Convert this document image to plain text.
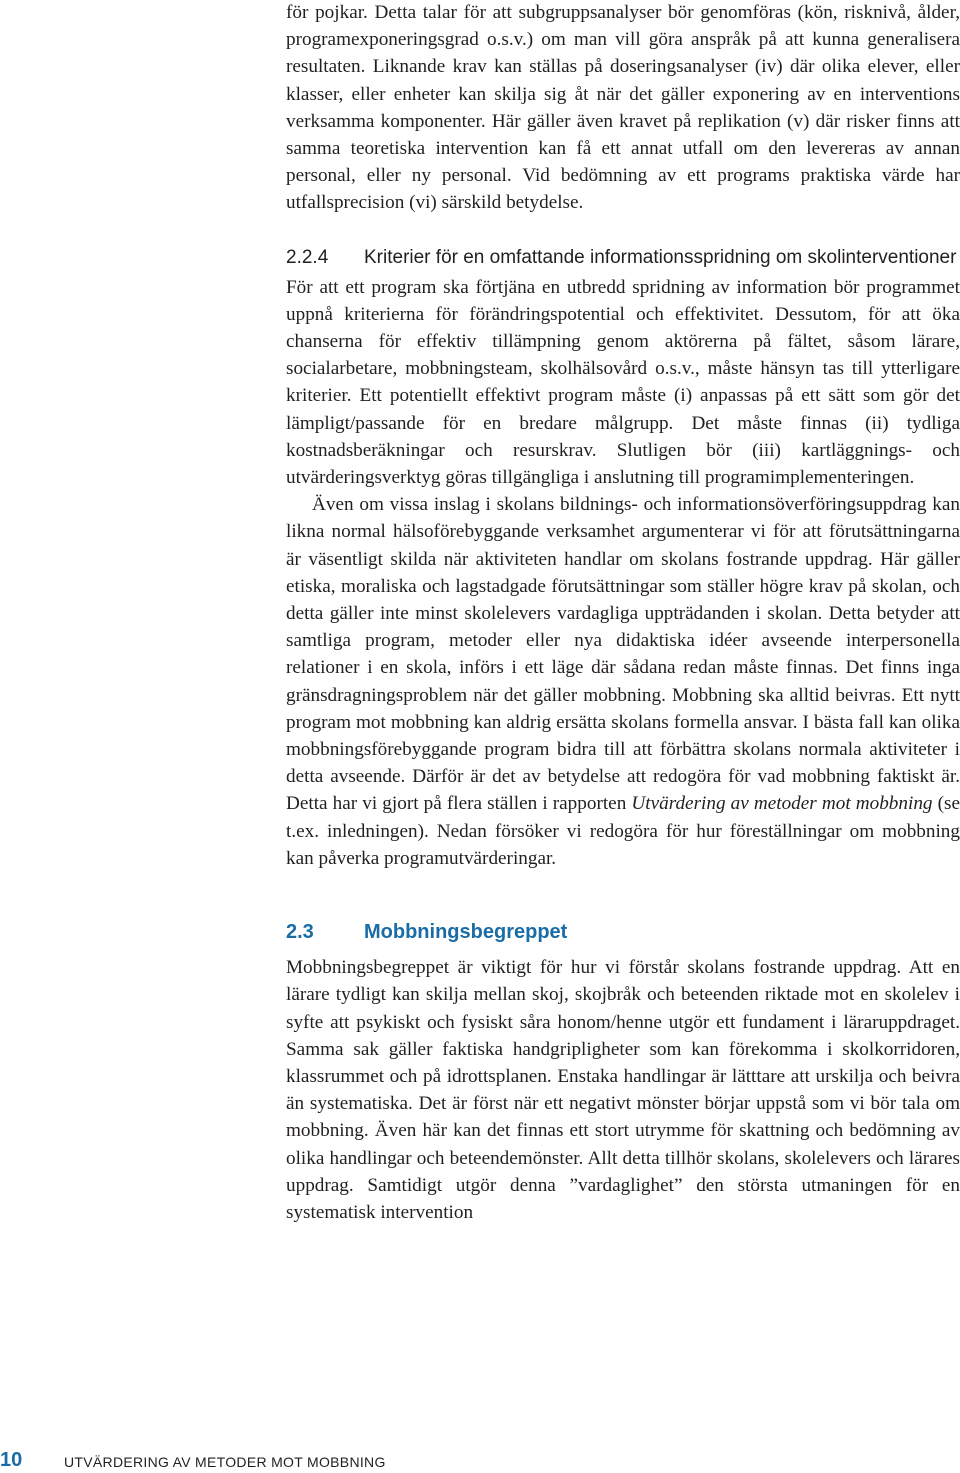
för pojkar. Detta talar för att subgruppsanalyser bör genomföras (kön, risknivå, ålder, programexponeringsgrad o.s.v.) om man vill göra anspråk på att kunna generalisera resultaten. Liknande krav kan ställas på doseringsanalyser (iv) där olika elever, eller klasser, eller enheter kan skilja sig åt när det gäller exponering av en interventions verksamma komponenter. Här gäller även kravet på replikation (v) där risker finns att samma teoretiska intervention kan få ett annat utfall om den levereras av annan personal, eller ny personal. Vid bedömning av ett programs praktiska värde har utfallsprecision (vi) särskild betydelse.

2.2.4	Kriterier för en omfattande informationsspridning om skolinterventioner

För att ett program ska förtjäna en utbredd spridning av information bör programmet uppnå kriterierna för förändringspotential och effektivitet. Dessutom, för att öka chanserna för effektiv tillämpning genom aktörerna på fältet, såsom lärare, socialarbetare, mobbningsteam, skolhälsovård o.s.v., måste hänsyn tas till ytterligare kriterier. Ett potentiellt effektivt program måste (i) anpassas på ett sätt som gör det lämpligt/passande för en bredare målgrupp. Det måste finnas (ii) tydliga kostnadsberäkningar och resurskrav. Slutligen bör (iii) kartläggnings- och utvärderingsverktyg göras tillgängliga i anslutning till programimplementeringen.

Även om vissa inslag i skolans bildnings- och informationsöverföringsuppdrag kan likna normal hälsoförebyggande verksamhet argumenterar vi för att förutsättningarna är väsentligt skilda när aktiviteten handlar om skolans fostrande uppdrag. Här gäller etiska, moraliska och lagstadgade förutsättningar som ställer högre krav på skolan, och detta gäller inte minst skolelevers vardagliga uppträdanden i skolan. Detta betyder att samtliga program, metoder eller nya didaktiska idéer avseende interpersonella relationer i en skola, införs i ett läge där sådana redan måste finnas. Det finns inga gränsdragningsproblem när det gäller mobbning. Mobbning ska alltid beivras. Ett nytt program mot mobbning kan aldrig ersätta skolans formella ansvar. I bästa fall kan olika mobbningsförebyggande program bidra till att förbättra skolans normala aktiviteter i detta avseende. Därför är det av betydelse att redogöra för vad mobbning faktiskt är. Detta har vi gjort på flera ställen i rapporten Utvärdering av metoder mot mobbning (se t.ex. inledningen). Nedan försöker vi redogöra för hur föreställningar om mobbning kan påverka programutvärderingar.

2.3	Mobbningsbegreppet

Mobbningsbegreppet är viktigt för hur vi förstår skolans fostrande uppdrag. Att en lärare tydligt kan skilja mellan skoj, skojbråk och beteenden riktade mot en skolelev i syfte att psykiskt och fysiskt såra honom/henne utgör ett fundament i läraruppdraget. Samma sak gäller faktiska handgripligheter som kan förekomma i skolkorridoren, klassrummet och på idrottsplanen. Enstaka handlingar är lätttare att urskilja och beivra än systematiska. Det är först när ett negativt mönster börjar uppstå som vi bör tala om mobbning. Även här kan det finnas ett stort utrymme för skattning och bedömning av olika handlingar och beteendemönster. Allt detta tillhör skolans, skolelevers och lärares uppdrag. Samtidigt utgör denna ”vardaglighet” den största utmaningen för en systematisk intervention

10	UTVÄRDERING AV METODER MOT MOBBNING
